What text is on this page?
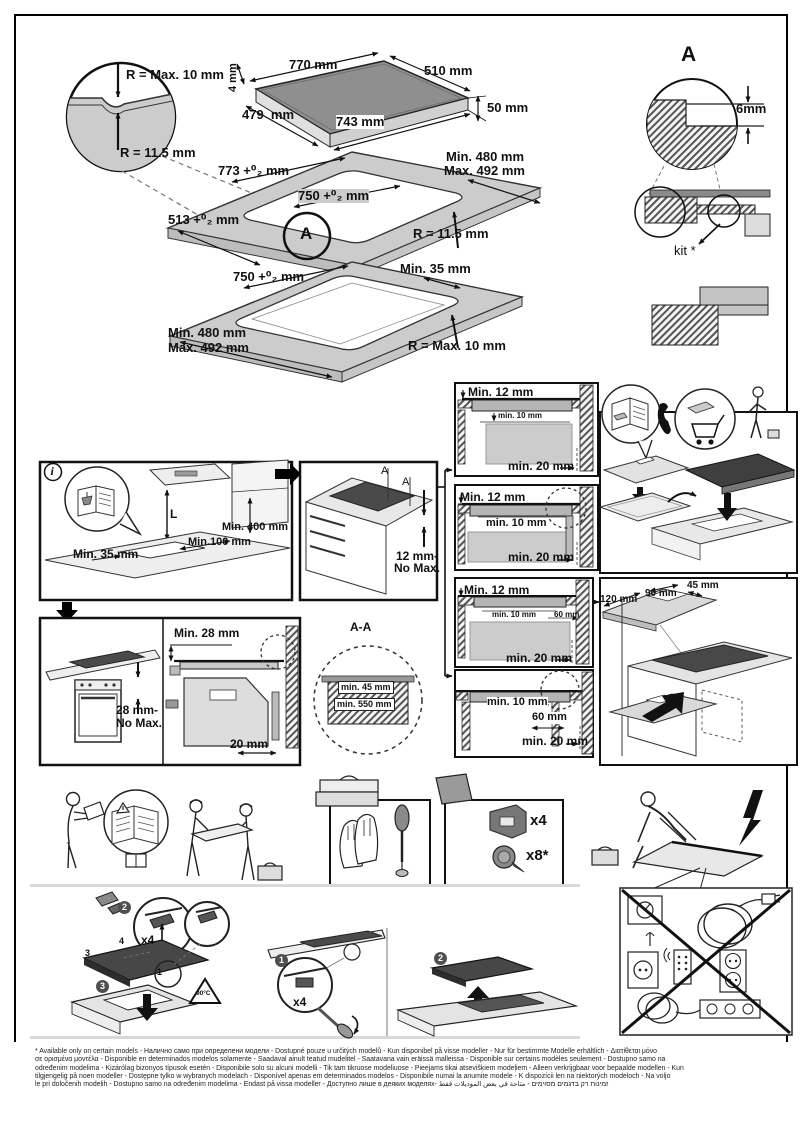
R = Max. 10 mm
R = 11.5 mm
4 mm	770 mm	510 mm
479  mm	743 mm
50 mm
A
6mm
kit *
773 +⁰₂ mm
Min. 480 mm
Max. 492 mm
750 +⁰₂ mm
513 +⁰₂ mm
A	R = 11.5 mm
750 +⁰₂ mm
Min. 35 mm
Min. 480 mm
Max. 492 mm	R = Max. 10 mm
i
Min. 400 mm
Min.100 mm
Min. 35 mm
L
A
A
12 mm-
No Max.
Min. 12 mm
min. 10 mm
min. 20 mm
Min. 12 mm
min. 10 mm
min. 20 mm
Min. 12 mm
min. 10 mm 60 mm
min. 20 mm
min. 10 mm
60 mm
min. 20 mm
28 mm-
No Max.
Min. 28 mm
20 mm
A-A
min. 45 mm
min. 550 mm
120 mm
90 mm
45 mm
x4
x8*
2
3
1	2
4
3
1
x4
x4
90°C
* Available only on certain models - Налично само при определени модели - Dostupné pouze u určitých modelů - Kun disponibel på visse modeller - Nur für bestimmte Modelle erhältlich - Διατίθεται μόνο
σε ορισμένα μοντέλα - Disponible en determinados modelos solamente - Saadaval ainult teatud mudelitel - Saatavana vain eräissä malleissa - Disponible sur certains modèles seulement - Dostupno samo na
određenim modelima - Kizárólag bizonyos típusok esetén - Disponibile solo su alcuni modelli - Tik tam tikruose modeliuose - Pieejams tikai atsevišķiem modeļiem - Alleen verkrijgbaar voor bepaalde modellen - Kun
tilgjengelig på noen modeller - Dostępne tylko w wybranych modelach - Disponível apenas em determinados modelos - Disponibile numai la anumite modele - K dispozícii len na niektorých modeloch - Na voljo
le pri določenih modelih - Dostupno samo na određenim modelima - Endast på vissa modeller - Доступно лише в деяких моделях- זמינות רק בדגמים מסוימים - متاحة في بعض الموديلات فقط
